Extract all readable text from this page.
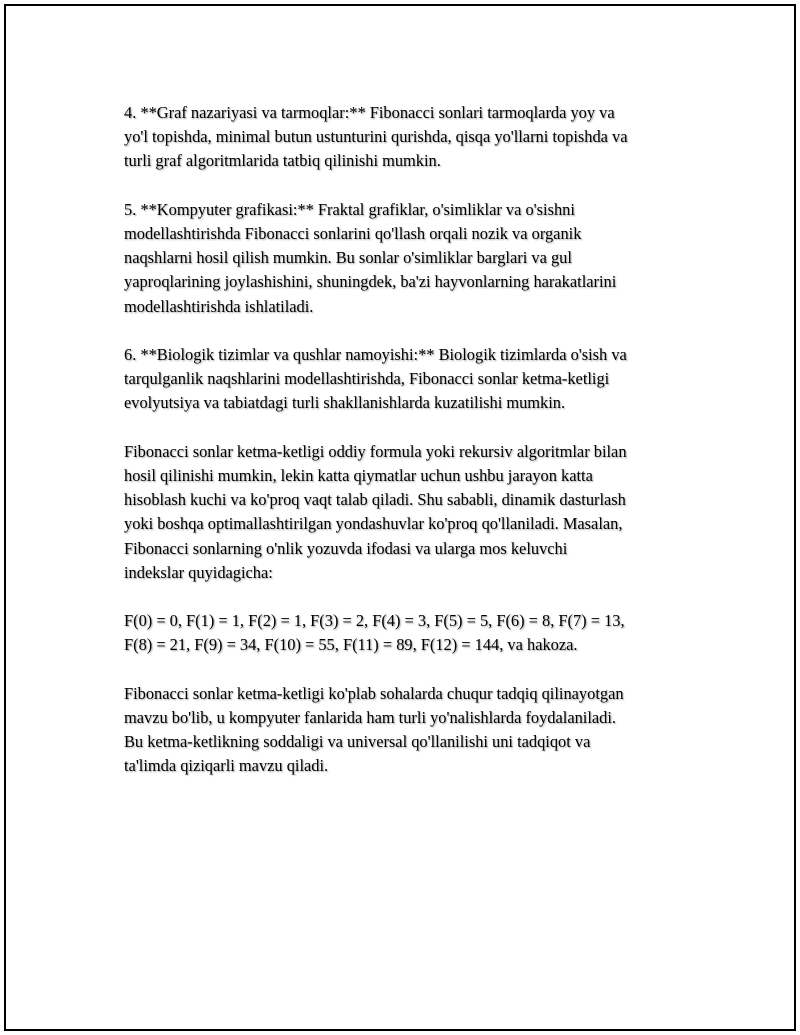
4. **Graf nazariyasi va tarmoqlar:** Fibonacci sonlari tarmoqlarda yoy va
yo'l topishda, minimal butun ustunturini qurishda, qisqa yo'llarni topishda va
turli graf algoritmlarida tatbiq qilinishi mumkin.

5. **Kompyuter grafikasi:** Fraktal grafiklar, o'simliklar va o'sishni
modellashtirishda Fibonacci sonlarini qo'llash orqali nozik va organik
naqshlarni hosil qilish mumkin. Bu sonlar o'simliklar barglari va gul
yaproqlarining joylashishini, shuningdek, ba'zi hayvonlarning harakatlarini
modellashtirishda ishlatiladi.

6. **Biologik tizimlar va qushlar namoyishi:** Biologik tizimlarda o'sish va
tarqulganlik naqshlarini modellashtirishda, Fibonacci sonlar ketma-ketligi
evolyutsiya va tabiatdagi turli shakllanishlarda kuzatilishi mumkin.

Fibonacci sonlar ketma-ketligi oddiy formula yoki rekursiv algoritmlar bilan
hosil qilinishi mumkin, lekin katta qiymatlar uchun ushbu jarayon katta
hisoblash kuchi va ko'proq vaqt talab qiladi. Shu sababli, dinamik dasturlash
yoki boshqa optimallashtirilgan yondashuvlar ko'proq qo'llaniladi. Masalan,
Fibonacci sonlarning o'nlik yozuvda ifodasi va ularga mos keluvchi
indekslar quyidagicha:

F(0) = 0, F(1) = 1, F(2) = 1, F(3) = 2, F(4) = 3, F(5) = 5, F(6) = 8, F(7) = 13,
F(8) = 21, F(9) = 34, F(10) = 55, F(11) = 89, F(12) = 144, va hakoza.

Fibonacci sonlar ketma-ketligi ko'plab sohalarda chuqur tadqiq qilinayotgan
mavzu bo'lib, u kompyuter fanlarida ham turli yo'nalishlarda foydalaniladi.
Bu ketma-ketlikning soddaligi va universal qo'llanilishi uni tadqiqot va
ta'limda qiziqarli mavzu qiladi.
